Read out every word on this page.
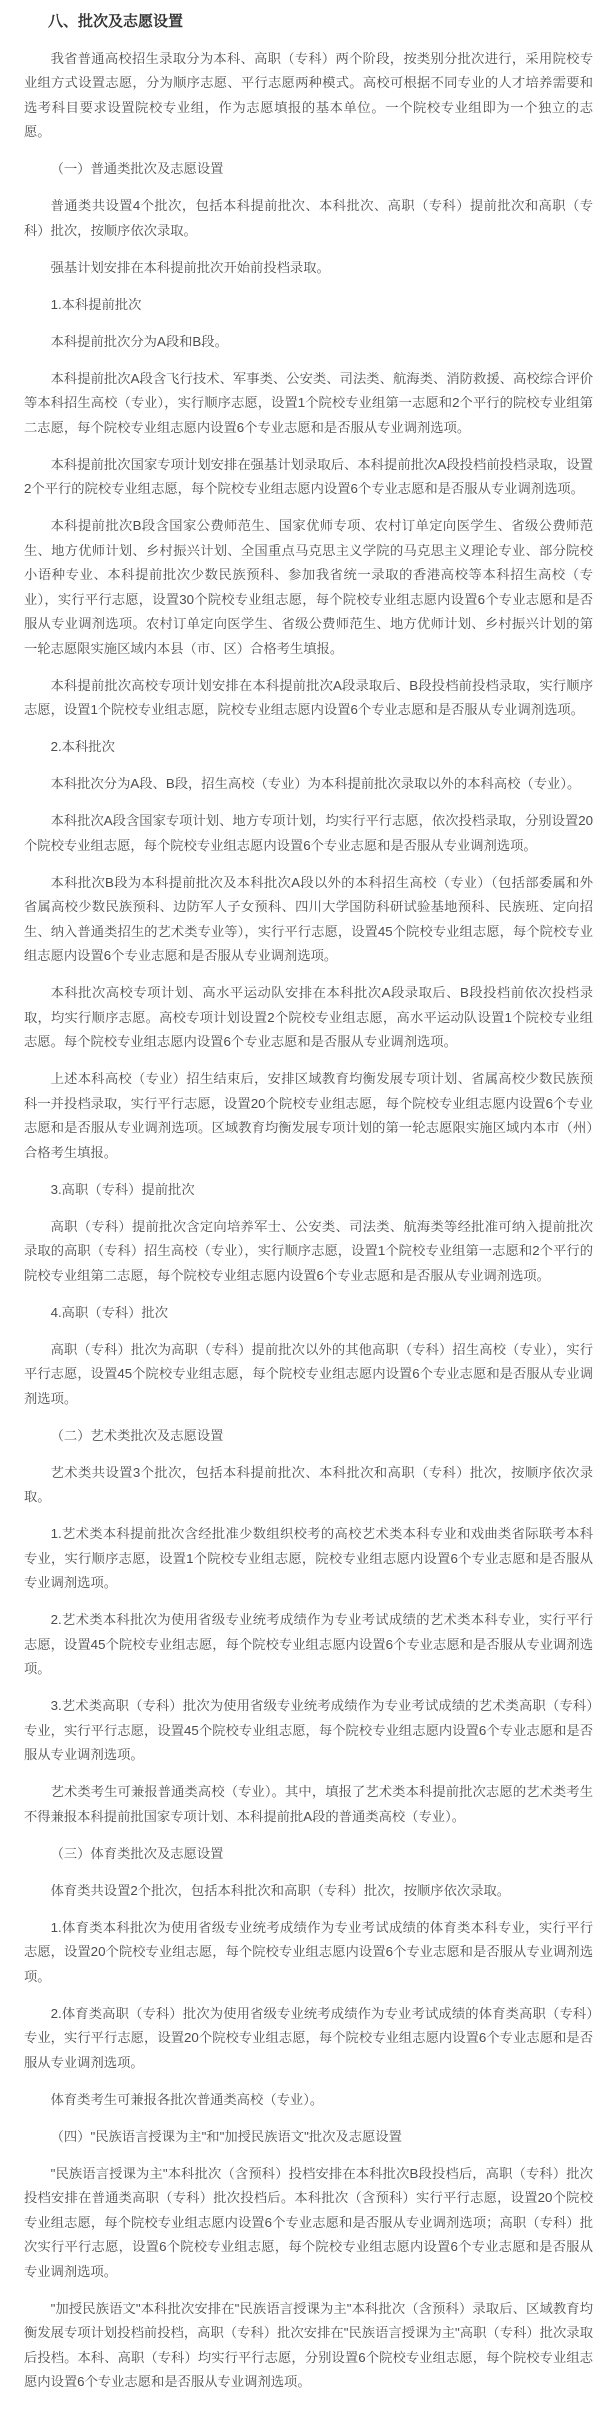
八、批次及志愿设置

我省普通高校招生录取分为本科、高职（专科）两个阶段，按类别分批次进行，采用院校专业组方式设置志愿，分为顺序志愿、平行志愿两种模式。高校可根据不同专业的人才培养需要和选考科目要求设置院校专业组，作为志愿填报的基本单位。一个院校专业组即为一个独立的志愿。

（一）普通类批次及志愿设置

普通类共设置4个批次，包括本科提前批次、本科批次、高职（专科）提前批次和高职（专科）批次，按顺序依次录取。

强基计划安排在本科提前批次开始前投档录取。

1.本科提前批次

本科提前批次分为A段和B段。

本科提前批次A段含飞行技术、军事类、公安类、司法类、航海类、消防救援、高校综合评价等本科招生高校（专业），实行顺序志愿，设置1个院校专业组第一志愿和2个平行的院校专业组第二志愿，每个院校专业组志愿内设置6个专业志愿和是否服从专业调剂选项。

本科提前批次国家专项计划安排在强基计划录取后、本科提前批次A段投档前投档录取，设置2个平行的院校专业组志愿，每个院校专业组志愿内设置6个专业志愿和是否服从专业调剂选项。

本科提前批次B段含国家公费师范生、国家优师专项、农村订单定向医学生、省级公费师范生、地方优师计划、乡村振兴计划、全国重点马克思主义学院的马克思主义理论专业、部分院校小语种专业、本科提前批次少数民族预科、参加我省统一录取的香港高校等本科招生高校（专业），实行平行志愿，设置30个院校专业组志愿，每个院校专业组志愿内设置6个专业志愿和是否服从专业调剂选项。农村订单定向医学生、省级公费师范生、地方优师计划、乡村振兴计划的第一轮志愿限实施区域内本县（市、区）合格考生填报。

本科提前批次高校专项计划安排在本科提前批次A段录取后、B段投档前投档录取，实行顺序志愿，设置1个院校专业组志愿，院校专业组志愿内设置6个专业志愿和是否服从专业调剂选项。

2.本科批次

本科批次分为A段、B段，招生高校（专业）为本科提前批次录取以外的本科高校（专业）。

本科批次A段含国家专项计划、地方专项计划，均实行平行志愿，依次投档录取，分别设置20个院校专业组志愿，每个院校专业组志愿内设置6个专业志愿和是否服从专业调剂选项。

本科批次B段为本科提前批次及本科批次A段以外的本科招生高校（专业）（包括部委属和外省属高校少数民族预科、边防军人子女预科、四川大学国防科研试验基地预科、民族班、定向招生、纳入普通类招生的艺术类专业等），实行平行志愿，设置45个院校专业组志愿，每个院校专业组志愿内设置6个专业志愿和是否服从专业调剂选项。

本科批次高校专项计划、高水平运动队安排在本科批次A段录取后、B段投档前依次投档录取，均实行顺序志愿。高校专项计划设置2个院校专业组志愿，高水平运动队设置1个院校专业组志愿。每个院校专业组志愿内设置6个专业志愿和是否服从专业调剂选项。

上述本科高校（专业）招生结束后，安排区域教育均衡发展专项计划、省属高校少数民族预科一并投档录取，实行平行志愿，设置20个院校专业组志愿，每个院校专业组志愿内设置6个专业志愿和是否服从专业调剂选项。区域教育均衡发展专项计划的第一轮志愿限实施区域内本市（州）合格考生填报。

3.高职（专科）提前批次

高职（专科）提前批次含定向培养军士、公安类、司法类、航海类等经批准可纳入提前批次录取的高职（专科）招生高校（专业），实行顺序志愿，设置1个院校专业组第一志愿和2个平行的院校专业组第二志愿，每个院校专业组志愿内设置6个专业志愿和是否服从专业调剂选项。

4.高职（专科）批次

高职（专科）批次为高职（专科）提前批次以外的其他高职（专科）招生高校（专业），实行平行志愿，设置45个院校专业组志愿，每个院校专业组志愿内设置6个专业志愿和是否服从专业调剂选项。

（二）艺术类批次及志愿设置

艺术类共设置3个批次，包括本科提前批次、本科批次和高职（专科）批次，按顺序依次录取。

1.艺术类本科提前批次含经批准少数组织校考的高校艺术类本科专业和戏曲类省际联考本科专业，实行顺序志愿，设置1个院校专业组志愿，院校专业组志愿内设置6个专业志愿和是否服从专业调剂选项。

2.艺术类本科批次为使用省级专业统考成绩作为专业考试成绩的艺术类本科专业，实行平行志愿，设置45个院校专业组志愿，每个院校专业组志愿内设置6个专业志愿和是否服从专业调剂选项。

3.艺术类高职（专科）批次为使用省级专业统考成绩作为专业考试成绩的艺术类高职（专科）专业，实行平行志愿，设置45个院校专业组志愿，每个院校专业组志愿内设置6个专业志愿和是否服从专业调剂选项。

艺术类考生可兼报普通类高校（专业）。其中，填报了艺术类本科提前批次志愿的艺术类考生不得兼报本科提前批国家专项计划、本科提前批A段的普通类高校（专业）。

（三）体育类批次及志愿设置

体育类共设置2个批次，包括本科批次和高职（专科）批次，按顺序依次录取。

1.体育类本科批次为使用省级专业统考成绩作为专业考试成绩的体育类本科专业，实行平行志愿，设置20个院校专业组志愿，每个院校专业组志愿内设置6个专业志愿和是否服从专业调剂选项。

2.体育类高职（专科）批次为使用省级专业统考成绩作为专业考试成绩的体育类高职（专科）专业，实行平行志愿，设置20个院校专业组志愿，每个院校专业组志愿内设置6个专业志愿和是否服从专业调剂选项。

体育类考生可兼报各批次普通类高校（专业）。

（四）"民族语言授课为主"和"加授民族语文"批次及志愿设置

"民族语言授课为主"本科批次（含预科）投档安排在本科批次B段投档后，高职（专科）批次投档安排在普通类高职（专科）批次投档后。本科批次（含预科）实行平行志愿，设置20个院校专业组志愿，每个院校专业组志愿内设置6个专业志愿和是否服从专业调剂选项；高职（专科）批次实行平行志愿，设置6个院校专业组志愿，每个院校专业组志愿内设置6个专业志愿和是否服从专业调剂选项。

"加授民族语文"本科批次安排在"民族语言授课为主"本科批次（含预科）录取后、区域教育均衡发展专项计划投档前投档，高职（专科）批次安排在"民族语言授课为主"高职（专科）批次录取后投档。本科、高职（专科）均实行平行志愿，分别设置6个院校专业组志愿，每个院校专业组志愿内设置6个专业志愿和是否服从专业调剂选项。
